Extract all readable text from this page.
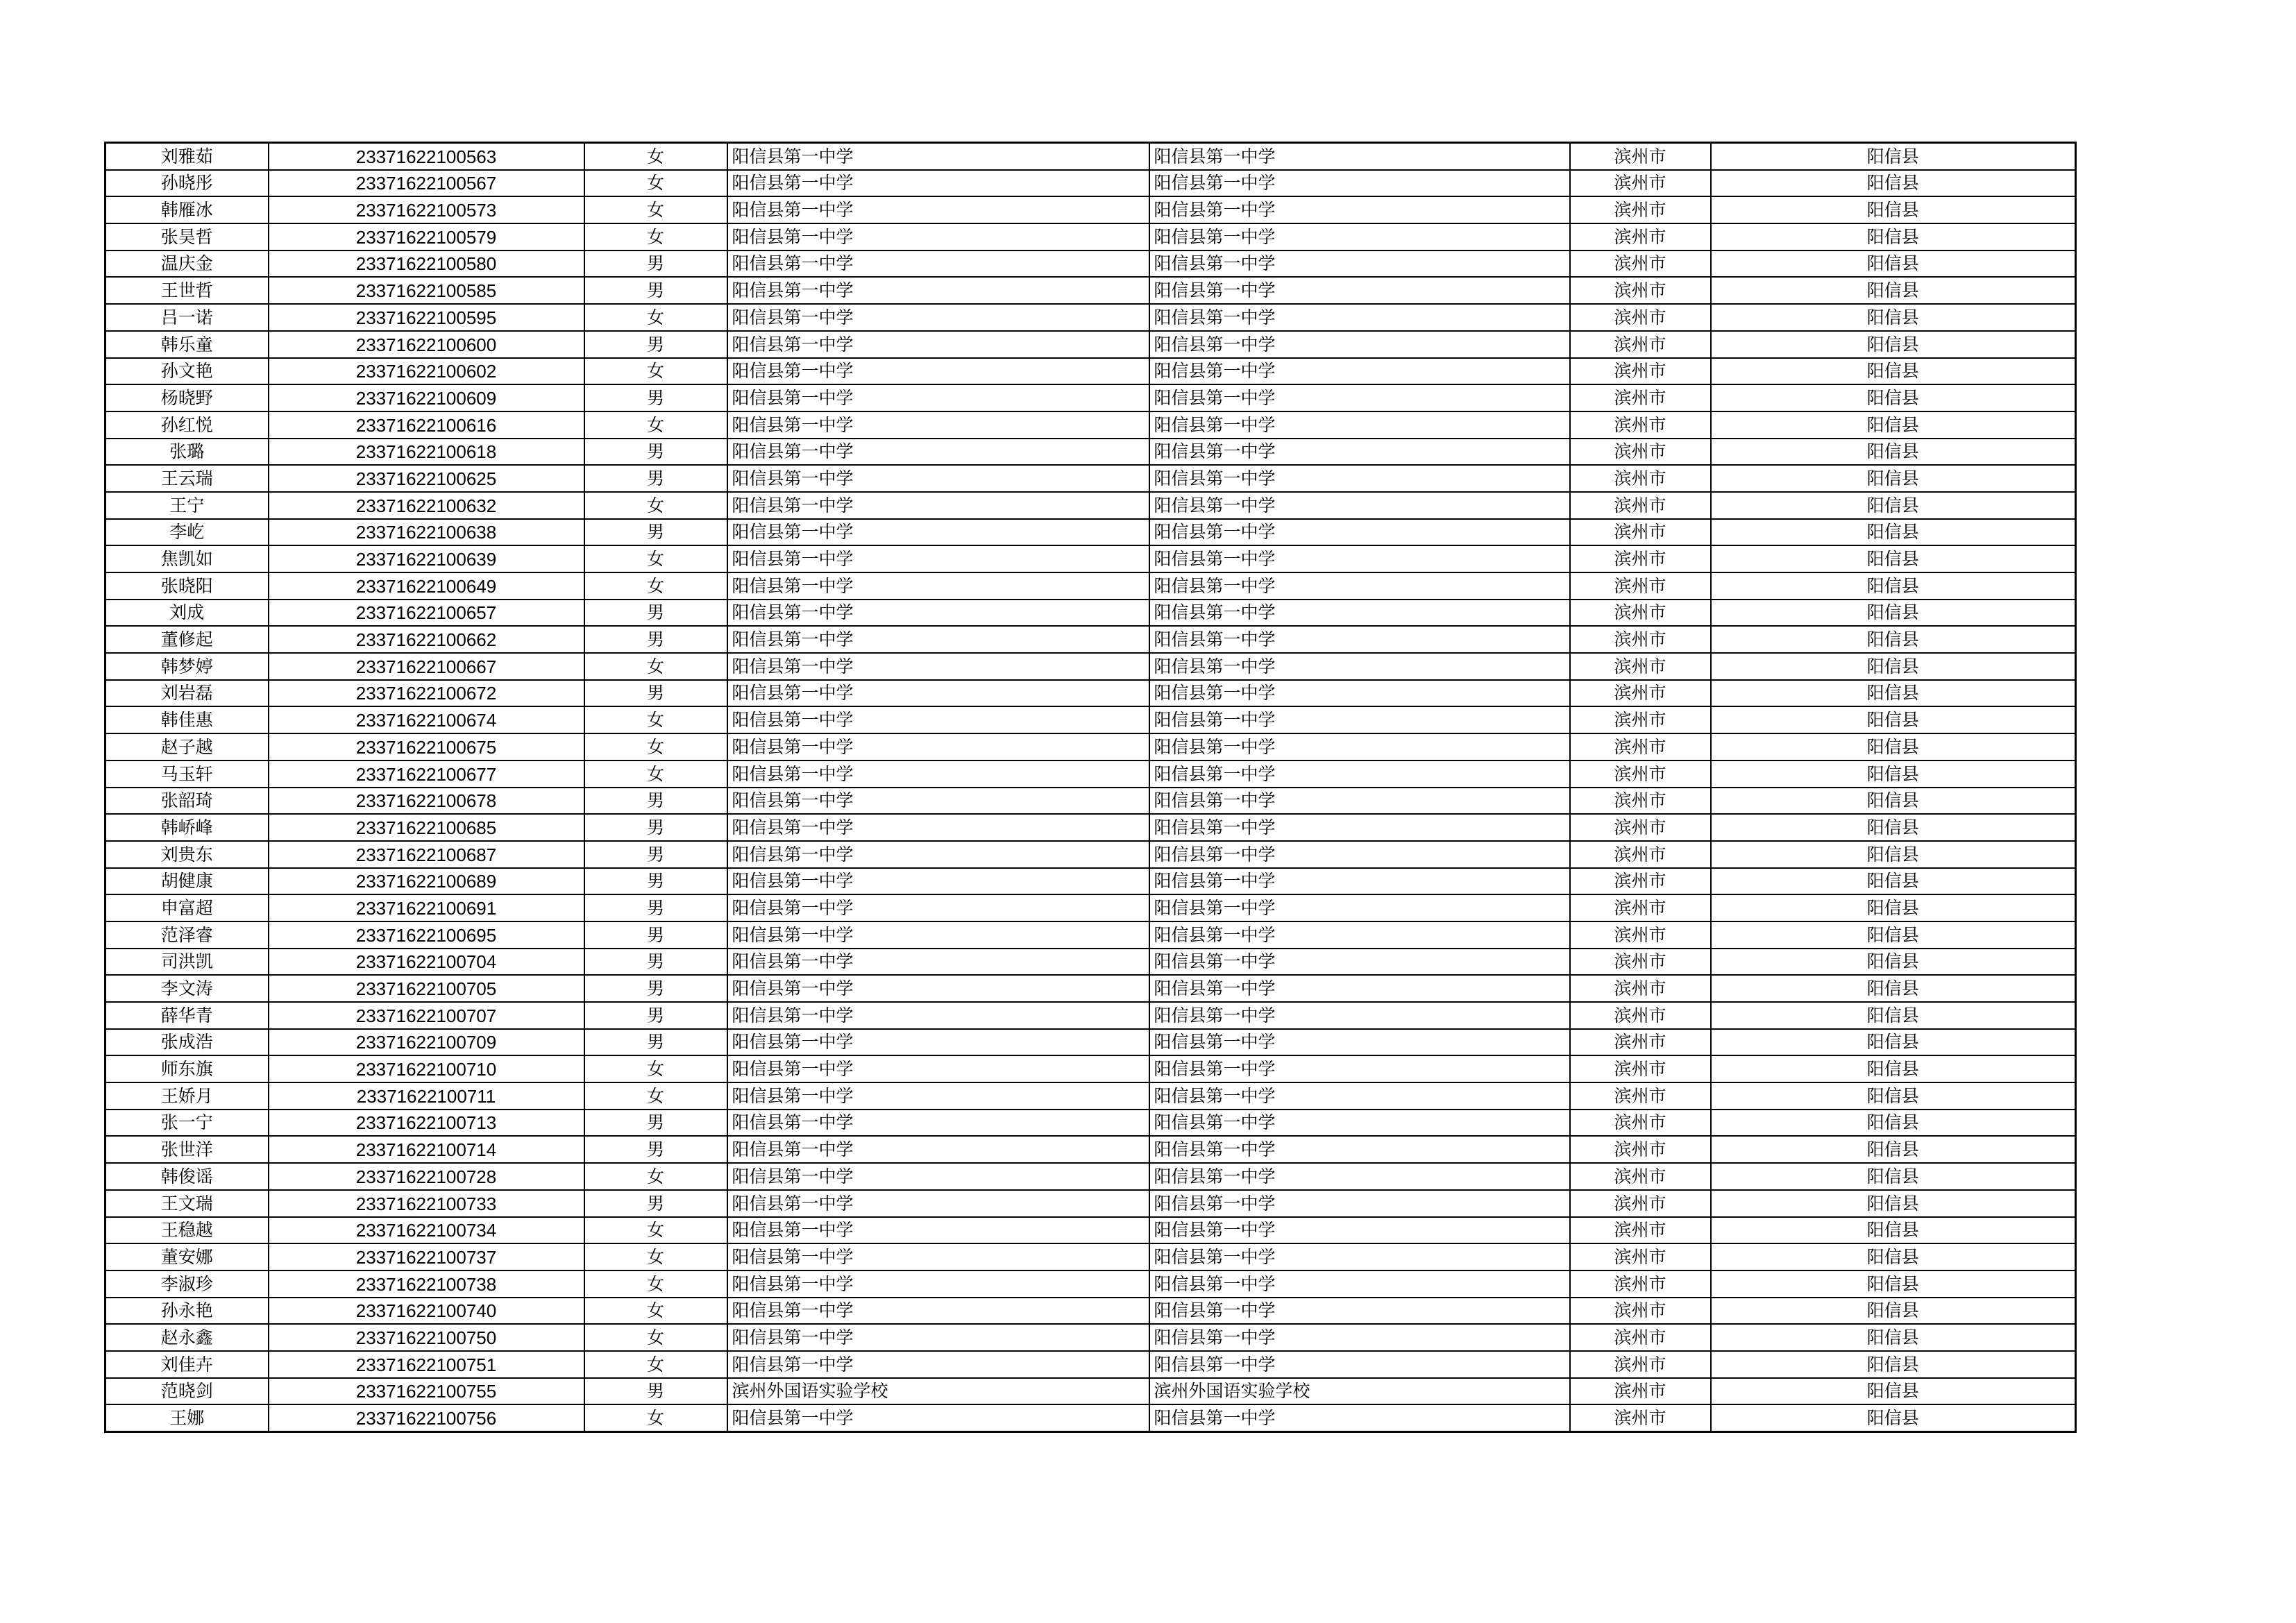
刘雅茹	23371622100563	女	阳信县第一中学	阳信县第一中学	滨州市	阳信县
孙晓彤	23371622100567	女	阳信县第一中学	阳信县第一中学	滨州市	阳信县
韩雁冰	23371622100573	女	阳信县第一中学	阳信县第一中学	滨州市	阳信县
张昊哲	23371622100579	女	阳信县第一中学	阳信县第一中学	滨州市	阳信县
温庆金	23371622100580	男	阳信县第一中学	阳信县第一中学	滨州市	阳信县
王世哲	23371622100585	男	阳信县第一中学	阳信县第一中学	滨州市	阳信县
吕一诺	23371622100595	女	阳信县第一中学	阳信县第一中学	滨州市	阳信县
韩乐童	23371622100600	男	阳信县第一中学	阳信县第一中学	滨州市	阳信县
孙文艳	23371622100602	女	阳信县第一中学	阳信县第一中学	滨州市	阳信县
杨晓野	23371622100609	男	阳信县第一中学	阳信县第一中学	滨州市	阳信县
孙红悦	23371622100616	女	阳信县第一中学	阳信县第一中学	滨州市	阳信县
张璐	23371622100618	男	阳信县第一中学	阳信县第一中学	滨州市	阳信县
王云瑞	23371622100625	男	阳信县第一中学	阳信县第一中学	滨州市	阳信县
王宁	23371622100632	女	阳信县第一中学	阳信县第一中学	滨州市	阳信县
李屹	23371622100638	男	阳信县第一中学	阳信县第一中学	滨州市	阳信县
焦凯如	23371622100639	女	阳信县第一中学	阳信县第一中学	滨州市	阳信县
张晓阳	23371622100649	女	阳信县第一中学	阳信县第一中学	滨州市	阳信县
刘成	23371622100657	男	阳信县第一中学	阳信县第一中学	滨州市	阳信县
董修起	23371622100662	男	阳信县第一中学	阳信县第一中学	滨州市	阳信县
韩梦婷	23371622100667	女	阳信县第一中学	阳信县第一中学	滨州市	阳信县
刘岩磊	23371622100672	男	阳信县第一中学	阳信县第一中学	滨州市	阳信县
韩佳惠	23371622100674	女	阳信县第一中学	阳信县第一中学	滨州市	阳信县
赵子越	23371622100675	女	阳信县第一中学	阳信县第一中学	滨州市	阳信县
马玉轩	23371622100677	女	阳信县第一中学	阳信县第一中学	滨州市	阳信县
张韶琦	23371622100678	男	阳信县第一中学	阳信县第一中学	滨州市	阳信县
韩峤峰	23371622100685	男	阳信县第一中学	阳信县第一中学	滨州市	阳信县
刘贵东	23371622100687	男	阳信县第一中学	阳信县第一中学	滨州市	阳信县
胡健康	23371622100689	男	阳信县第一中学	阳信县第一中学	滨州市	阳信县
申富超	23371622100691	男	阳信县第一中学	阳信县第一中学	滨州市	阳信县
范泽睿	23371622100695	男	阳信县第一中学	阳信县第一中学	滨州市	阳信县
司洪凯	23371622100704	男	阳信县第一中学	阳信县第一中学	滨州市	阳信县
李文涛	23371622100705	男	阳信县第一中学	阳信县第一中学	滨州市	阳信县
薛华青	23371622100707	男	阳信县第一中学	阳信县第一中学	滨州市	阳信县
张成浩	23371622100709	男	阳信县第一中学	阳信县第一中学	滨州市	阳信县
师东旗	23371622100710	女	阳信县第一中学	阳信县第一中学	滨州市	阳信县
王娇月	23371622100711	女	阳信县第一中学	阳信县第一中学	滨州市	阳信县
张一宁	23371622100713	男	阳信县第一中学	阳信县第一中学	滨州市	阳信县
张世洋	23371622100714	男	阳信县第一中学	阳信县第一中学	滨州市	阳信县
韩俊谣	23371622100728	女	阳信县第一中学	阳信县第一中学	滨州市	阳信县
王文瑞	23371622100733	男	阳信县第一中学	阳信县第一中学	滨州市	阳信县
王稳越	23371622100734	女	阳信县第一中学	阳信县第一中学	滨州市	阳信县
董安娜	23371622100737	女	阳信县第一中学	阳信县第一中学	滨州市	阳信县
李淑珍	23371622100738	女	阳信县第一中学	阳信县第一中学	滨州市	阳信县
孙永艳	23371622100740	女	阳信县第一中学	阳信县第一中学	滨州市	阳信县
赵永鑫	23371622100750	女	阳信县第一中学	阳信县第一中学	滨州市	阳信县
刘佳卉	23371622100751	女	阳信县第一中学	阳信县第一中学	滨州市	阳信县
范晓剑	23371622100755	男	滨州外国语实验学校	滨州外国语实验学校	滨州市	阳信县
王娜	23371622100756	女	阳信县第一中学	阳信县第一中学	滨州市	阳信县
